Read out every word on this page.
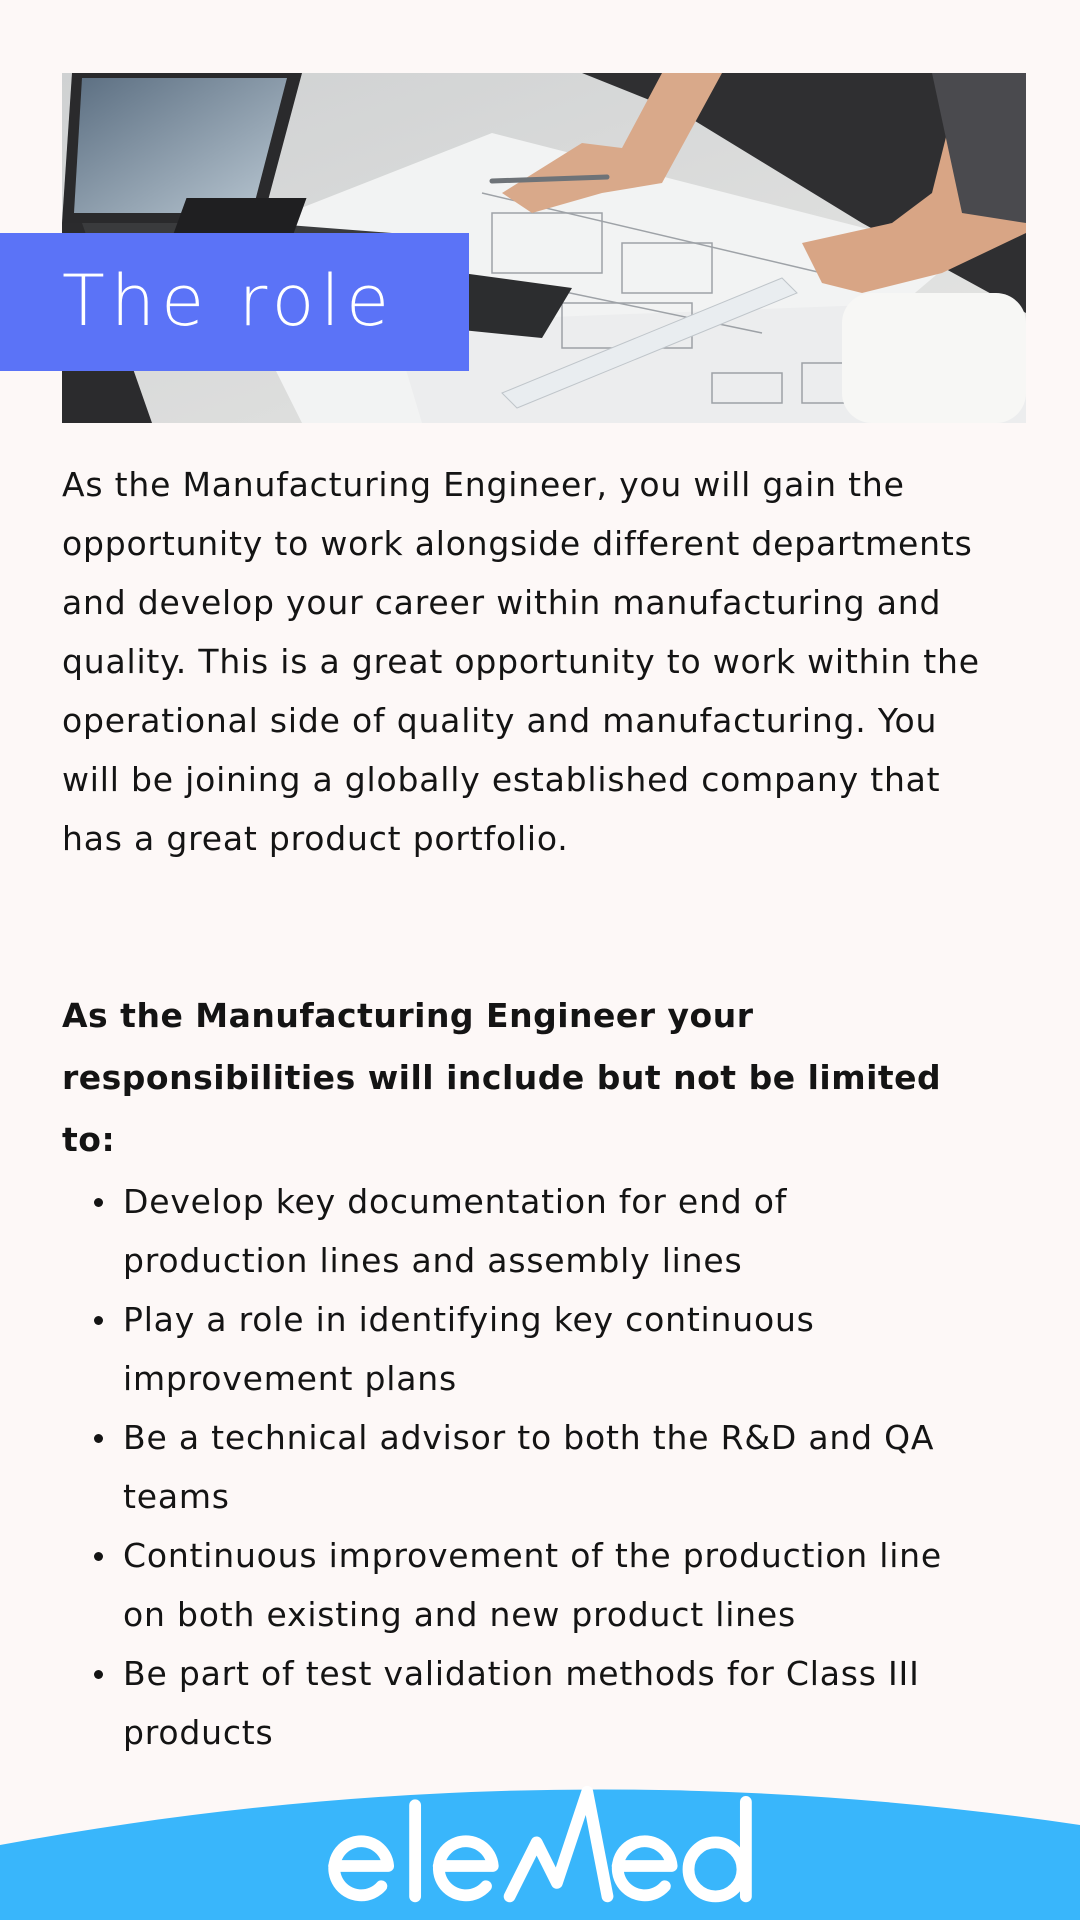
The role

As the Manufacturing Engineer, you will gain the opportunity to work alongside different departments and develop your career within manufacturing and quality. This is a great opportunity to work within the operational side of quality and manufacturing. You will be joining a globally established company that has a great product portfolio.

As the Manufacturing Engineer your responsibilities will include but not be limited to:

Develop key documentation for end of production lines and assembly lines
Play a role in identifying key continuous improvement plans
Be a technical advisor to both the R&D and QA teams
Continuous improvement of the production line on both existing and new product lines
Be part of test validation methods for Class III products
